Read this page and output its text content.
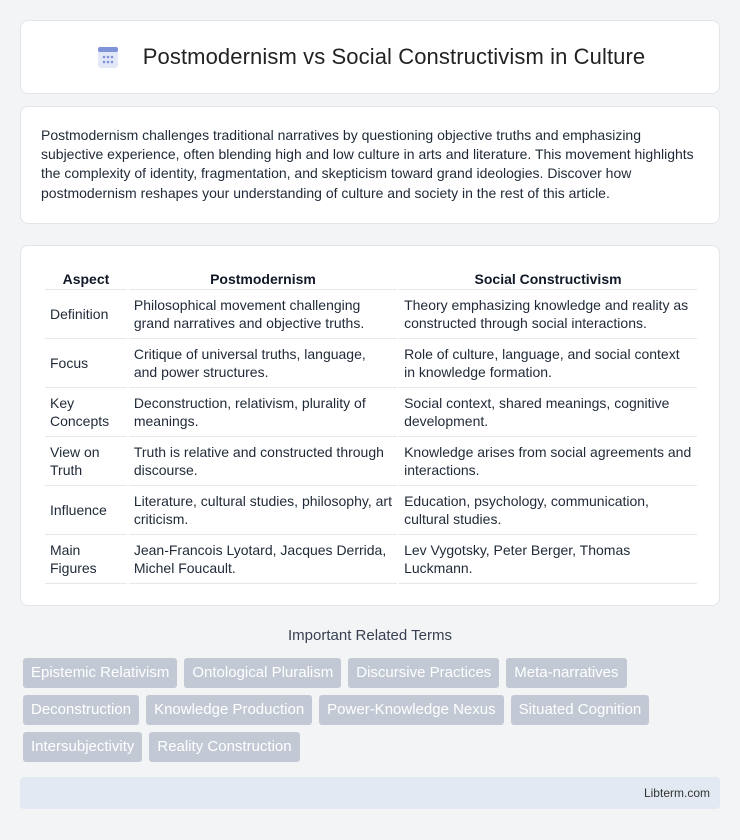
Postmodernism vs Social Constructivism in Culture

Postmodernism challenges traditional narratives by questioning objective truths and emphasizing subjective experience, often blending high and low culture in arts and literature. This movement highlights the complexity of identity, fragmentation, and skepticism toward grand ideologies. Discover how postmodernism reshapes your understanding of culture and society in the rest of this article.

Aspect	Postmodernism	Social Constructivism
Definition	Philosophical movement challenging grand narratives and objective truths.	Theory emphasizing knowledge and reality as constructed through social interactions.
Focus	Critique of universal truths, language, and power structures.	Role of culture, language, and social context in knowledge formation.
Key Concepts	Deconstruction, relativism, plurality of meanings.	Social context, shared meanings, cognitive development.
View on Truth	Truth is relative and constructed through discourse.	Knowledge arises from social agreements and interactions.
Influence	Literature, cultural studies, philosophy, art criticism.	Education, psychology, communication, cultural studies.
Main Figures	Jean-Francois Lyotard, Jacques Derrida, Michel Foucault.	Lev Vygotsky, Peter Berger, Thomas Luckmann.
Important Related Terms
Epistemic Relativism	Ontological Pluralism	Discursive Practices	Meta-narratives
Deconstruction	Knowledge Production	Power-Knowledge Nexus	Situated Cognition
Intersubjectivity	Reality Construction
Libterm.com
